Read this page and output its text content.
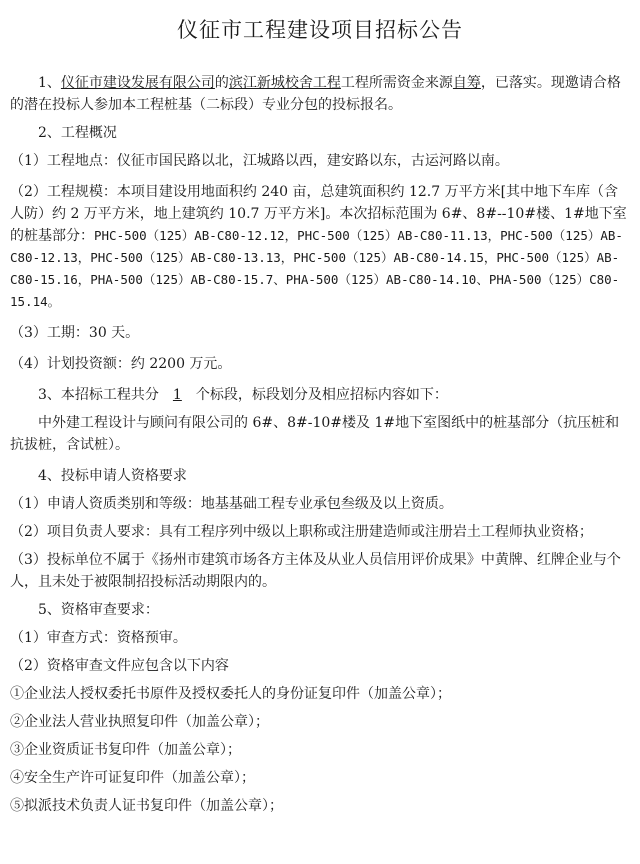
仪征市工程建设项目招标公告

1、仪征市建设发展有限公司的滨江新城校舍工程工程所需资金来源自筹，已落实。现邀请合格的潜在投标人参加本工程桩基（二标段）专业分包的投标报名。

2、工程概况

（1）工程地点：仪征市国民路以北，江城路以西，建安路以东，古运河路以南。

（2）工程规模：本项目建设用地面积约 240 亩，总建筑面积约 12.7 万平方米[其中地下车库（含人防）约 2 万平方米，地上建筑约 10.7 万平方米]。本次招标范围为 6#、8#--10#楼、1#地下室的桩基部分：PHC-500（125）AB-C80-12.12，PHC-500（125）AB-C80-11.13，PHC-500（125）AB-C80-12.13，PHC-500（125）AB-C80-13.13，PHC-500（125）AB-C80-14.15，PHC-500（125）AB-C80-15.16，PHA-500（125）AB-C80-15.7、PHA-500（125）AB-C80-14.10、PHA-500（125）C80-15.14。

（3）工期：30 天。

（4）计划投资额：约 2200 万元。

3、本招标工程共分 1 个标段，标段划分及相应招标内容如下：

中外建工程设计与顾问有限公司的 6#、8#-10#楼及 1#地下室图纸中的桩基部分（抗压桩和抗拔桩，含试桩）。

4、投标申请人资格要求

（1）申请人资质类别和等级：地基基础工程专业承包叁级及以上资质。

（2）项目负责人要求：具有工程序列中级以上职称或注册建造师或注册岩土工程师执业资格；

（3）投标单位不属于《扬州市建筑市场各方主体及从业人员信用评价成果》中黄牌、红牌企业与个人，且未处于被限制招投标活动期限内的。

5、资格审查要求：

（1）审查方式：资格预审。

（2）资格审查文件应包含以下内容

①企业法人授权委托书原件及授权委托人的身份证复印件（加盖公章）；

②企业法人营业执照复印件（加盖公章）；

③企业资质证书复印件（加盖公章）；

④安全生产许可证复印件（加盖公章）；

⑤拟派技术负责人证书复印件（加盖公章）；
